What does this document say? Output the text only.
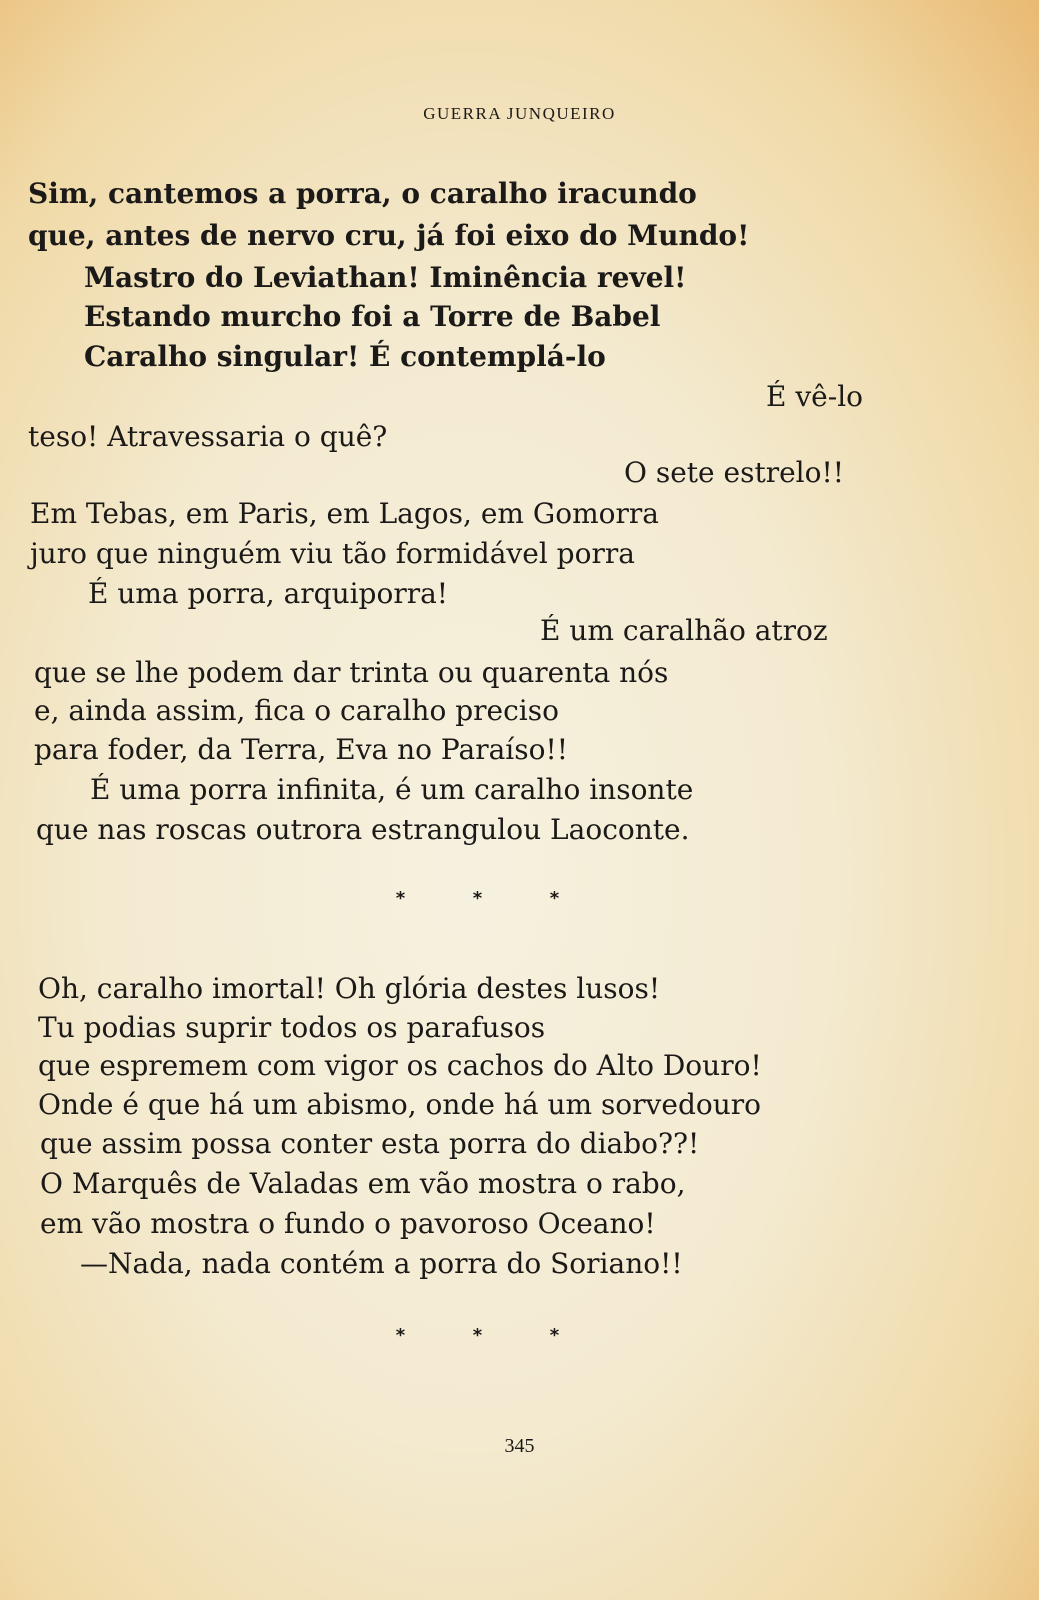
GUERRA JUNQUEIRO
Sim, cantemos a porra, o caralho iracundo
que, antes de nervo cru, já foi eixo do Mundo!
Mastro do Leviathan! Iminência revel!
Estando murcho foi a Torre de Babel
Caralho singular! É contemplá-lo
É vê-lo
teso! Atravessaria o quê?
O sete estrelo!!
Em Tebas, em Paris, em Lagos, em Gomorra
juro que ninguém viu tão formidável porra
É uma porra, arquiporra!
É um caralhão atroz
que se lhe podem dar trinta ou quarenta nós
e, ainda assim, fica o caralho preciso
para foder, da Terra, Eva no Paraíso!!
É uma porra infinita, é um caralho insonte
que nas roscas outrora estrangulou Laoconte.
*	*	*
Oh, caralho imortal! Oh glória destes lusos!
Tu podias suprir todos os parafusos
que espremem com vigor os cachos do Alto Douro!
Onde é que há um abismo, onde há um sorvedouro
que assim possa conter esta porra do diabo??!
O Marquês de Valadas em vão mostra o rabo,
em vão mostra o fundo o pavoroso Oceano!
—Nada, nada contém a porra do Soriano!!
*	*	*
345
